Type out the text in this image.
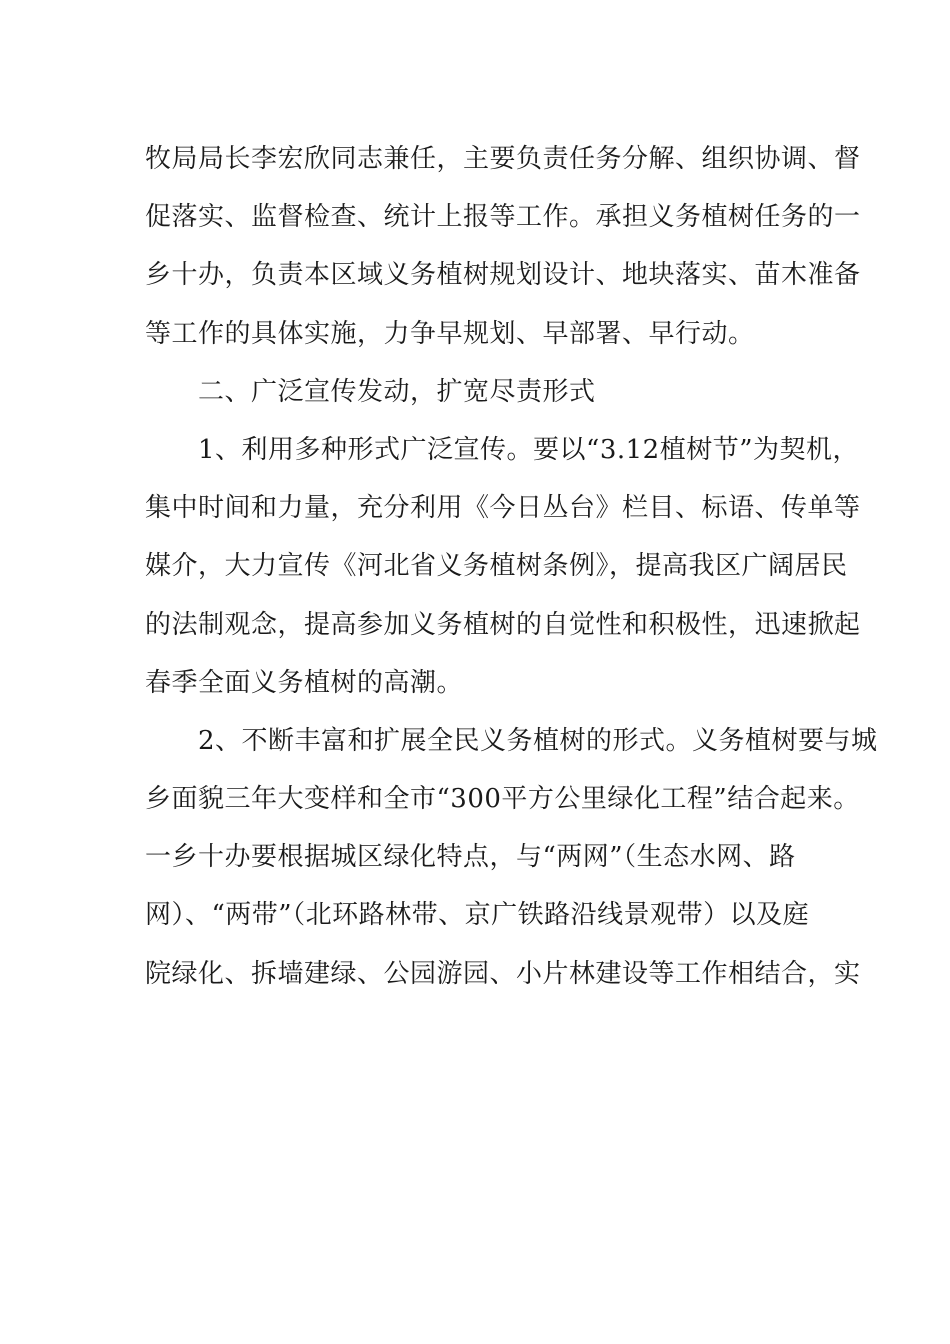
牧局局长李宏欣同志兼任，主要负责任务分解、组织协调、督
促落实、监督检查、统计上报等工作。承担义务植树任务的一
乡十办，负责本区域义务植树规划设计、地块落实、苗木准备
等工作的具体实施，力争早规划、早部署、早行动。
　　二、广泛宣传发动，扩宽尽责形式
　　1、利用多种形式广泛宣传。要以“3.12植树节”为契机，
集中时间和力量，充分利用《今日丛台》栏目、标语、传单等
媒介，大力宣传《河北省义务植树条例》，提高我区广阔居民
的法制观念，提高参加义务植树的自觉性和积极性，迅速掀起
春季全面义务植树的高潮。
　　2、不断丰富和扩展全民义务植树的形式。义务植树要与城
乡面貌三年大变样和全市“300平方公里绿化工程”结合起来。
一乡十办要根据城区绿化特点，与“两网”（生态水网、路
网）、“两带”（北环路林带、京广铁路沿线景观带）以及庭
院绿化、拆墙建绿、公园游园、小片林建设等工作相结合，实
